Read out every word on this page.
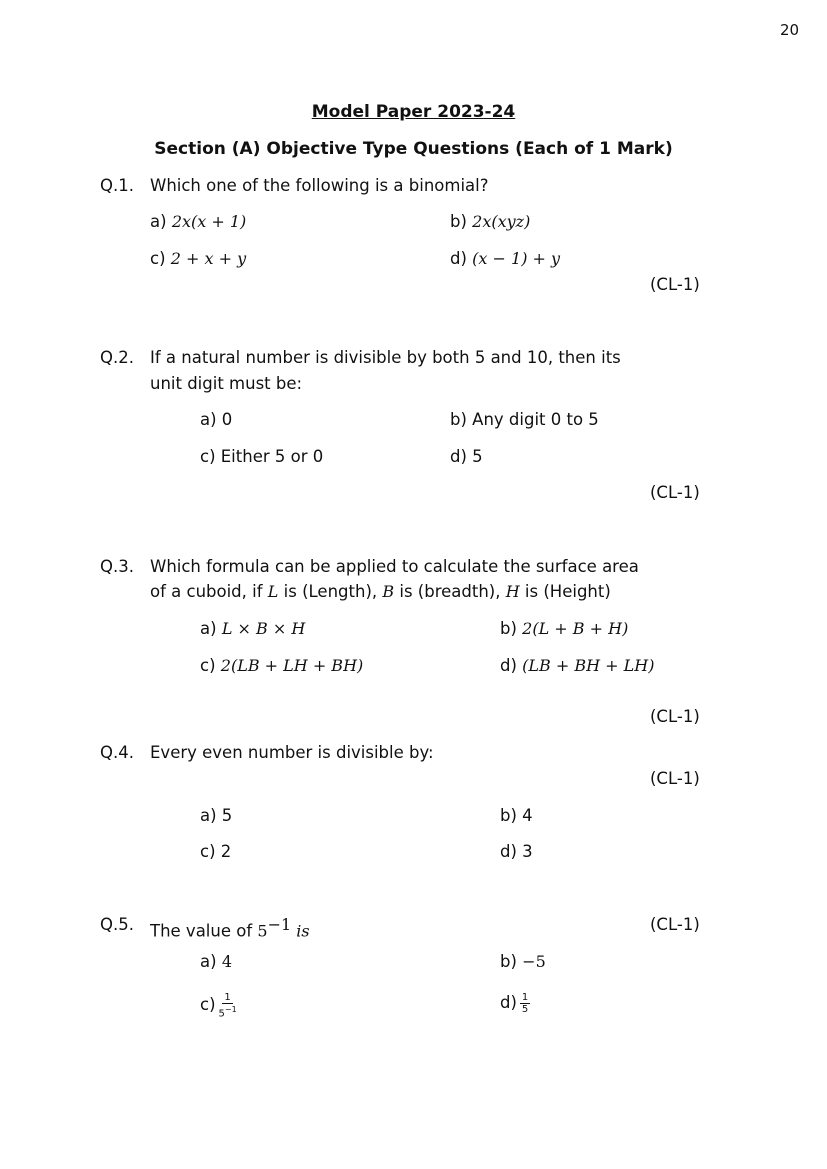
20
Model Paper 2023-24
Section (A) Objective Type Questions (Each of 1 Mark)
Q.1. Which one of the following is a binomial?
a) 2x(x + 1)	b) 2x(xyz)
c) 2 + x + y	d) (x − 1) + y
(CL-1)
Q.2. If a natural number is divisible by both 5 and 10, then its
unit digit must be:
a) 0	b) Any digit 0 to 5
c) Either 5 or 0	d) 5
(CL-1)
Q.3. Which formula can be applied to calculate the surface area
of a cuboid, if L is (Length), B is (breadth), H is (Height)
a) L × B × H	b) 2(L + B + H)
c) 2(LB + LH + BH)	d) (LB + BH + LH)
(CL-1)
Q.4. Every even number is divisible by:
(CL-1)
a) 5	b) 4
c) 2	d) 3
Q.5. The value of $5^{-1}$ is	(CL-1)
a) 4	b) −5
$c) \frac{1}{5^{-1}}$	$d) \frac{1}{5}$
